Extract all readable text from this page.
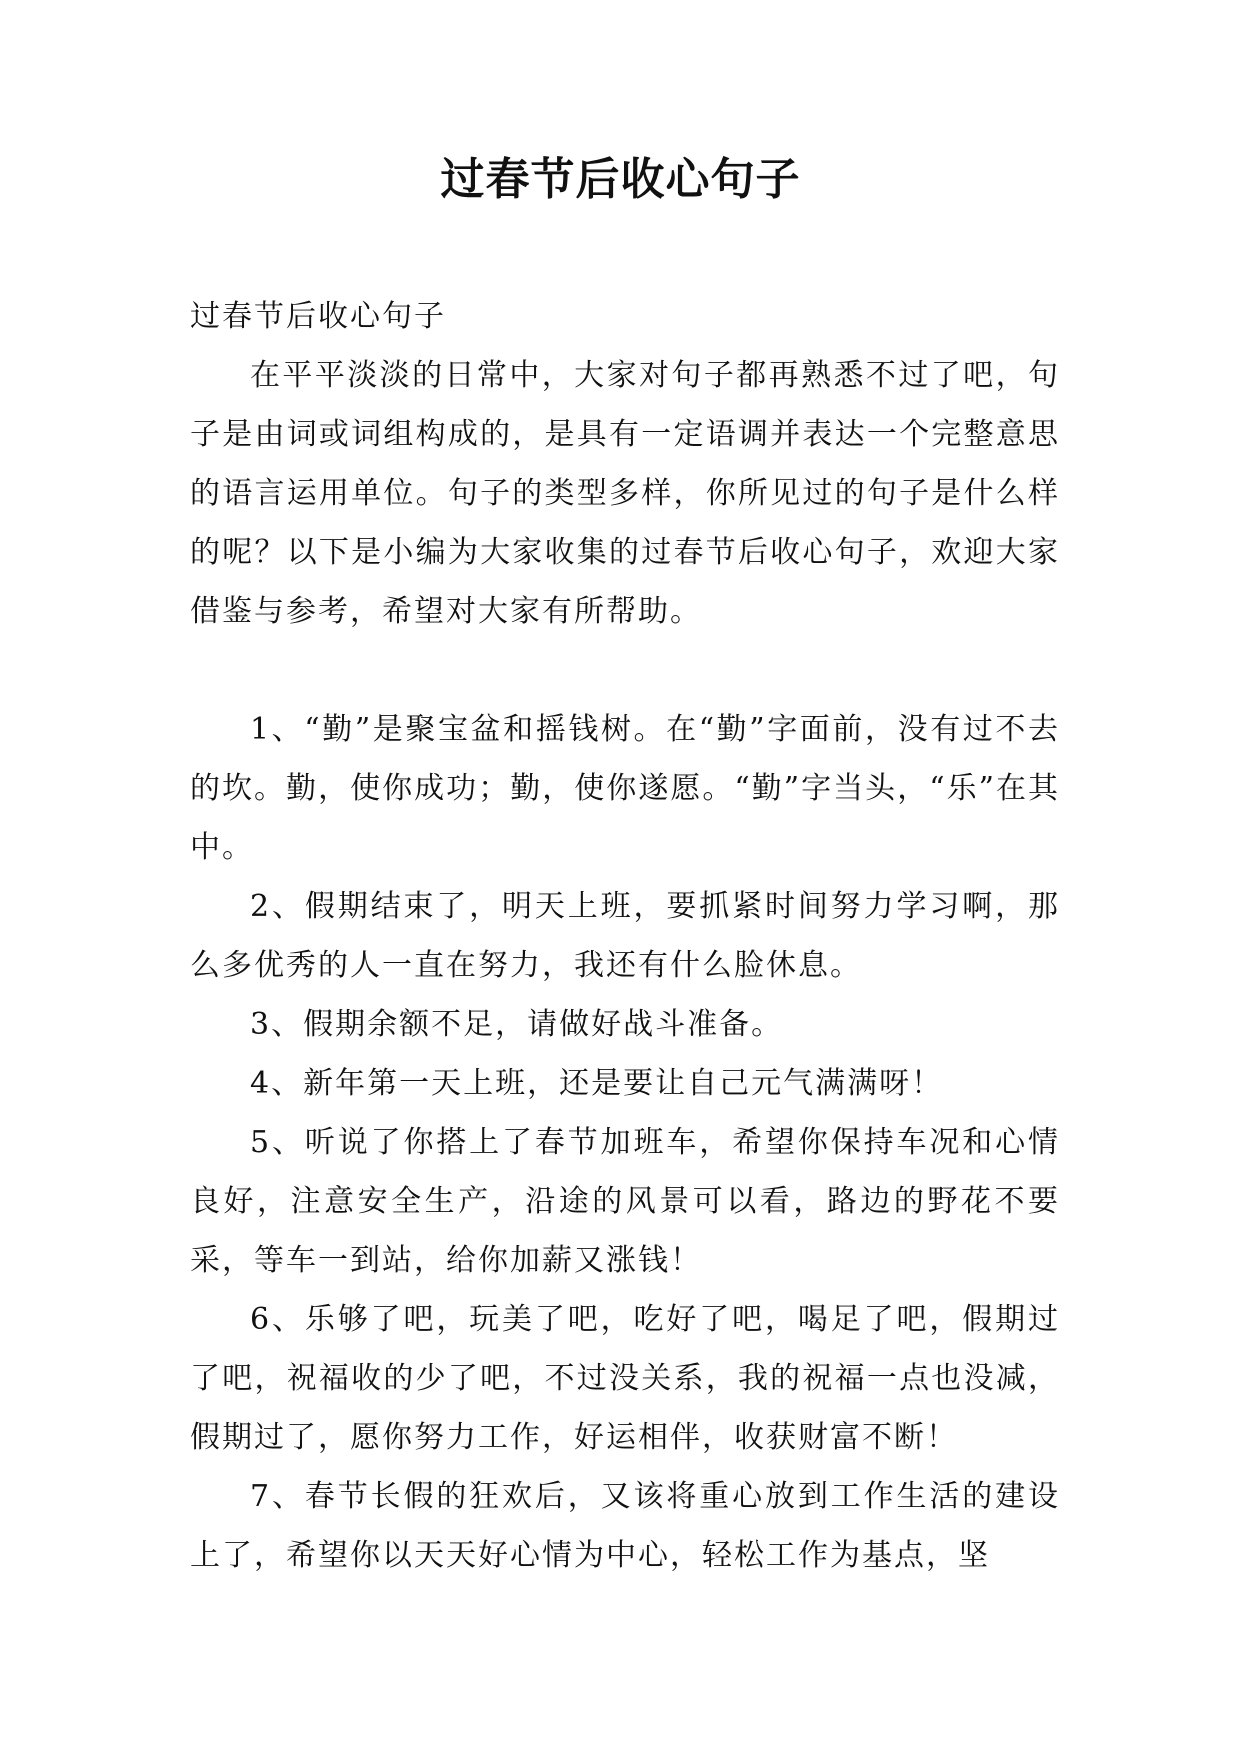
过春节后收心句子

过春节后收心句子

在平平淡淡的日常中，大家对句子都再熟悉不过了吧，句子是由词或词组构成的，是具有一定语调并表达一个完整意思的语言运用单位。句子的类型多样，你所见过的句子是什么样的呢？以下是小编为大家收集的过春节后收心句子，欢迎大家借鉴与参考，希望对大家有所帮助。

1、“勤”是聚宝盆和摇钱树。在“勤”字面前，没有过不去的坎。勤，使你成功；勤，使你遂愿。“勤”字当头，“乐”在其中。

2、假期结束了，明天上班，要抓紧时间努力学习啊，那么多优秀的人一直在努力，我还有什么脸休息。

3、假期余额不足，请做好战斗准备。

4、新年第一天上班，还是要让自己元气满满呀！

5、听说了你搭上了春节加班车，希望你保持车况和心情良好，注意安全生产，沿途的风景可以看，路边的野花不要采，等车一到站，给你加薪又涨钱！

6、乐够了吧，玩美了吧，吃好了吧，喝足了吧，假期过了吧，祝福收的少了吧，不过没关系，我的祝福一点也没减，假期过了，愿你努力工作，好运相伴，收获财富不断！

7、春节长假的狂欢后，又该将重心放到工作生活的建设上了，希望你以天天好心情为中心，轻松工作为基点，坚
